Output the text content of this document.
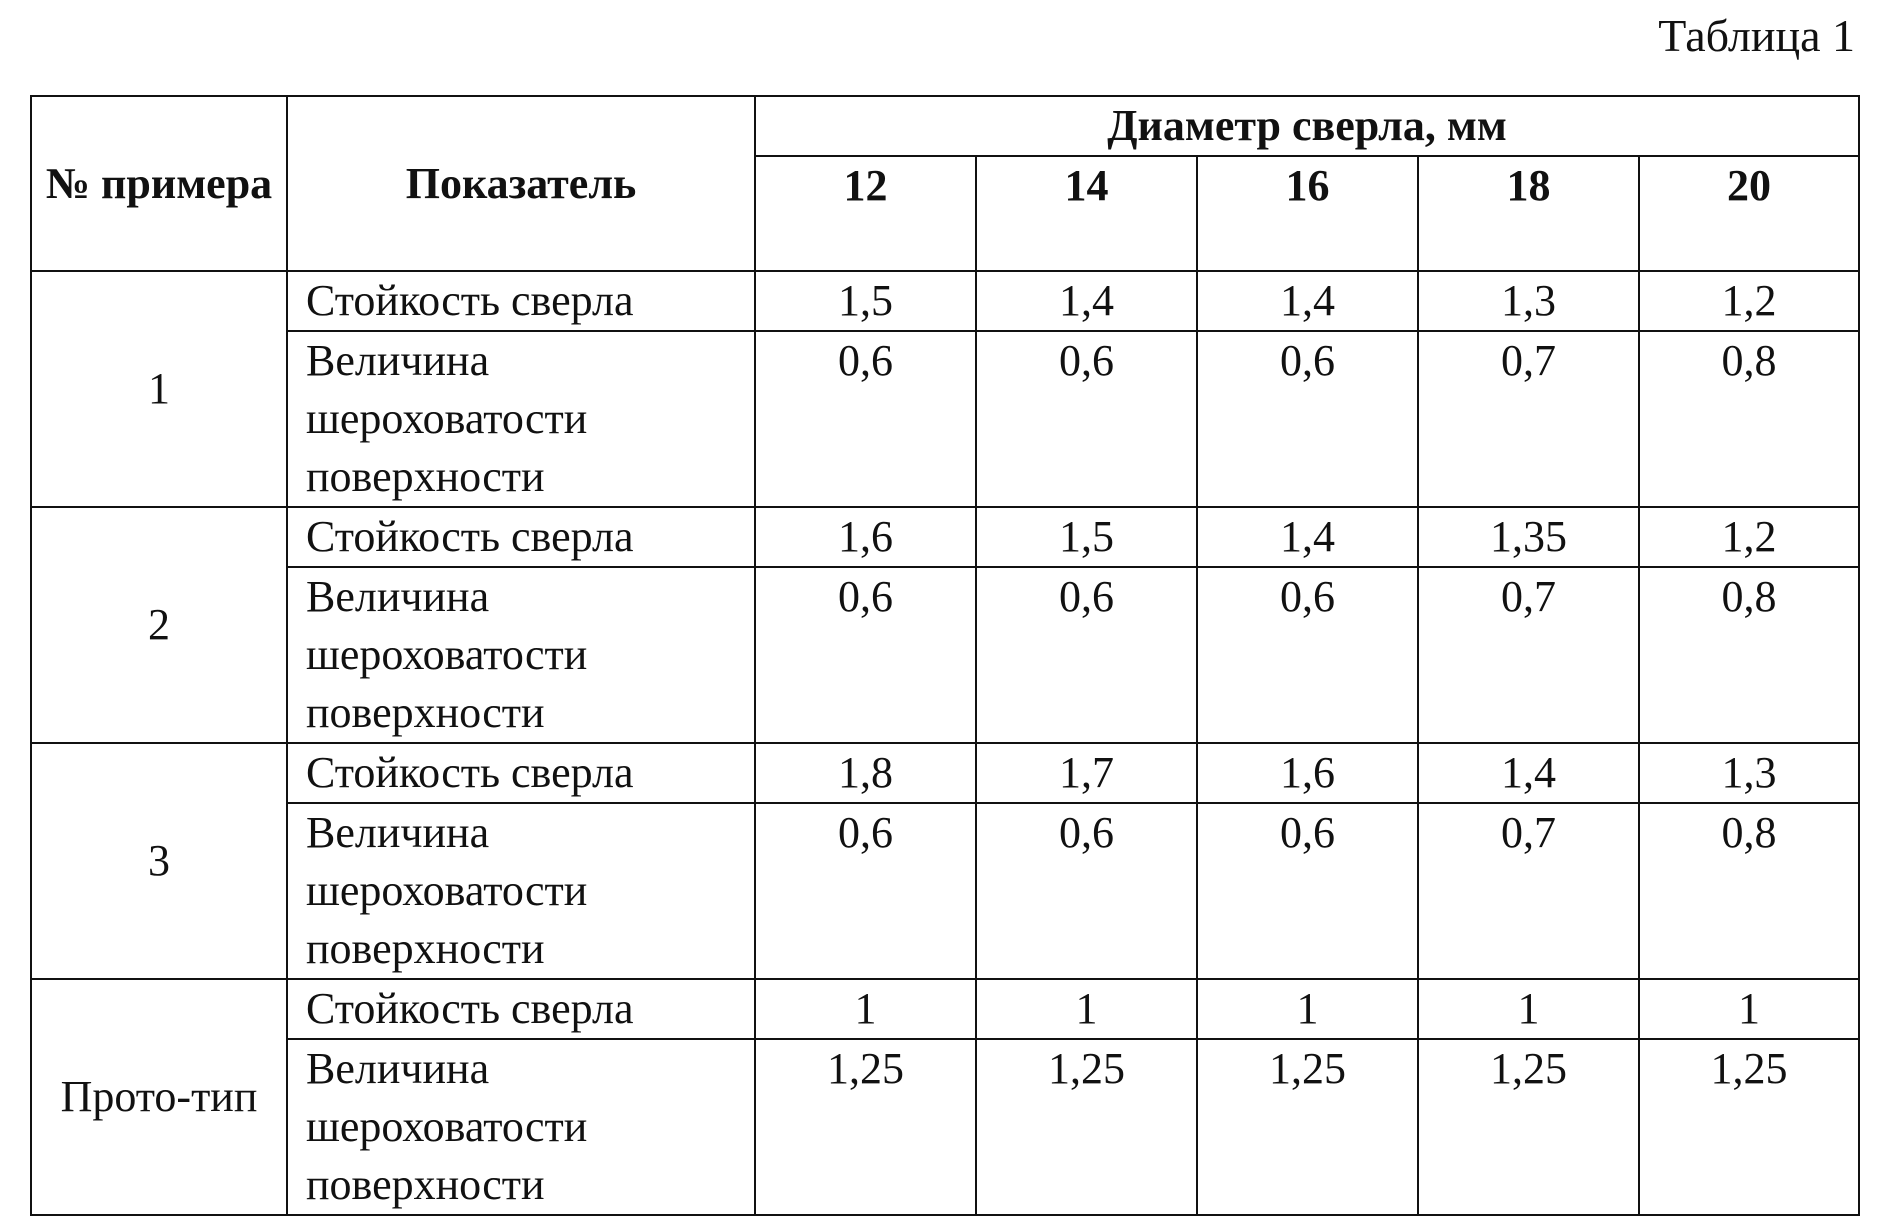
Таблица 1
№ примера	Показатель	Диаметр сверла, мм				
		12	14	16	18	20
1	Стойкость сверла	1,5	1,4	1,4	1,3	1,2

	Величина шероховатости поверхности	0,6	0,6	0,6	0,7	0,8
2	Стойкость сверла	1,6	1,5	1,4	1,35	1,2

	Величина шероховатости поверхности	0,6	0,6	0,6	0,7	0,8
3	Стойкость сверла	1,8	1,7	1,6	1,4	1,3

	Величина шероховатости поверхности	0,6	0,6	0,6	0,7	0,8
Прото-тип	Стойкость сверла	1	1	1	1	1

	Величина шероховатости поверхности	1,25	1,25	1,25	1,25	1,25
